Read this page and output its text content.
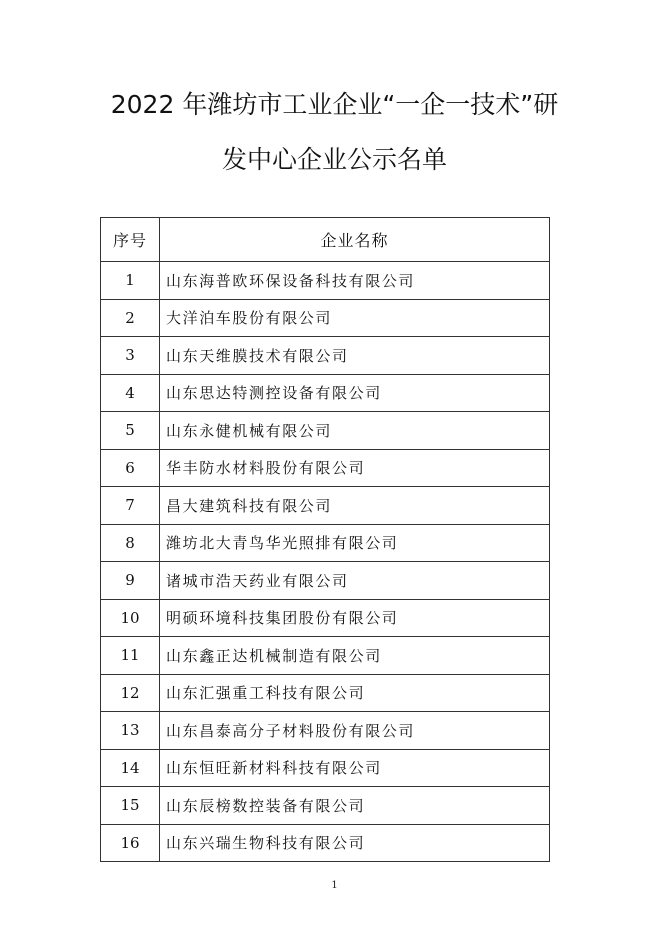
2022 年潍坊市工业企业“一企一技术”研
发中心企业公示名单
序号	企业名称
1	山东海普欧环保设备科技有限公司
2	大洋泊车股份有限公司
3	山东天维膜技术有限公司
4	山东思达特测控设备有限公司
5	山东永健机械有限公司
6	华丰防水材料股份有限公司
7	昌大建筑科技有限公司
8	潍坊北大青鸟华光照排有限公司
9	诸城市浩天药业有限公司
10	明硕环境科技集团股份有限公司
11	山东鑫正达机械制造有限公司
12	山东汇强重工科技有限公司
13	山东昌泰高分子材料股份有限公司
14	山东恒旺新材料科技有限公司
15	山东辰榜数控装备有限公司
16	山东兴瑞生物科技有限公司
1
